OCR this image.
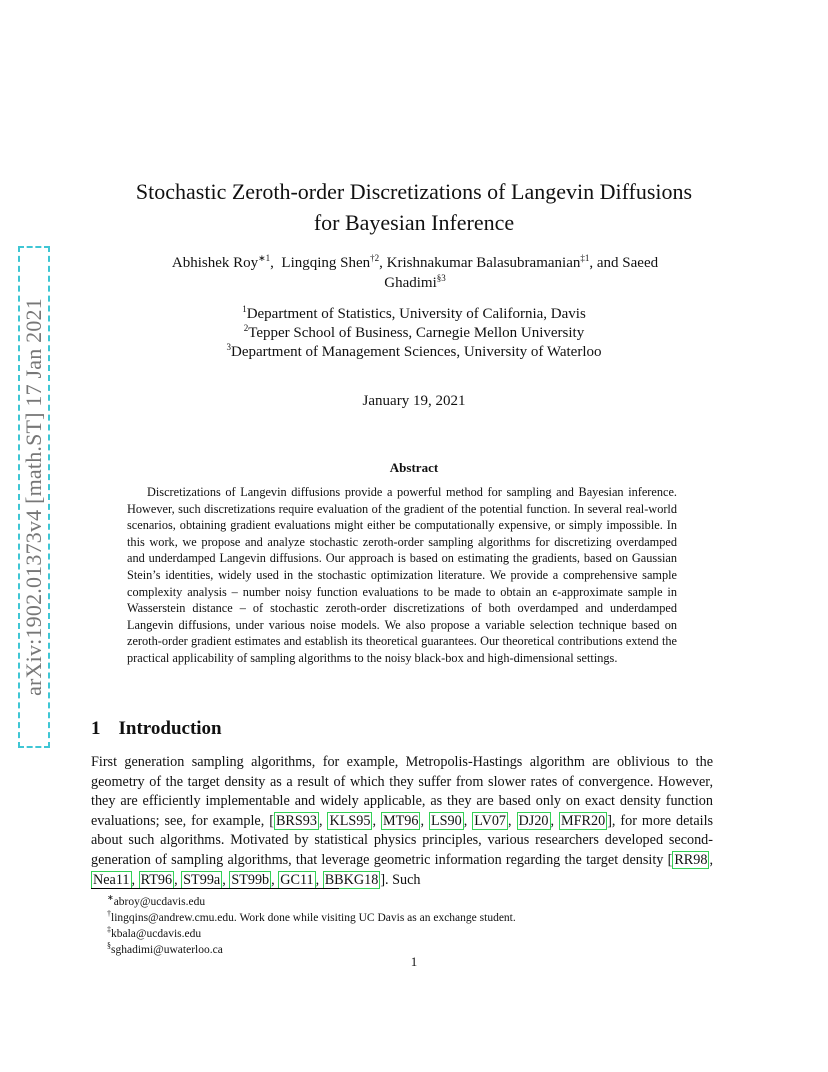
arXiv:1902.01373v4 [math.ST] 17 Jan 2021
Stochastic Zeroth-order Discretizations of Langevin Diffusions
for Bayesian Inference
Abhishek Roy$^{∗1}$,  Lingqing Shen$^{\dagger 2}$, Krishnakumar Balasubramanian$^{\ddagger 1}$, and Saeed
Ghadimi$^{\S 3}$
$^1$Department of Statistics, University of California, Davis
$^2$Tepper School of Business, Carnegie Mellon University
$^3$Department of Management Sciences, University of Waterloo
January 19, 2021
Abstract
Discretizations of Langevin diffusions provide a powerful method for sampling and Bayesian inference. However, such discretizations require evaluation of the gradient of the potential function. In several real-world scenarios, obtaining gradient evaluations might either be computationally expensive, or simply impossible. In this work, we propose and analyze stochastic zeroth-order sampling algorithms for discretizing overdamped and underdamped Langevin diffusions. Our approach is based on estimating the gradients, based on Gaussian Stein’s identities, widely used in the stochastic optimization literature. We provide a comprehensive sample complexity analysis – number noisy function evaluations to be made to obtain an ϵ-approximate sample in Wasserstein distance – of stochastic zeroth-order discretizations of both overdamped and underdamped Langevin diffusions, under various noise models. We also propose a variable selection technique based on zeroth-order gradient estimates and establish its theoretical guarantees. Our theoretical contributions extend the practical applicability of sampling algorithms to the noisy black-box and high-dimensional settings.
1 Introduction
First generation sampling algorithms, for example, Metropolis-Hastings algorithm are oblivious to the geometry of the target density as a result of which they suffer from slower rates of convergence. However, they are efficiently implementable and widely applicable, as they are based only on exact density function evaluations; see, for example, [ BRS93 , KLS95 , MT96 , LS90 , LV07 , DJ20 , MFR20 ], for more details about such algorithms. Motivated by statistical physics principles, various researchers developed second-generation of sampling algorithms, that leverage geometric information regarding the target density [ RR98 , Nea11 , RT96 , ST99a , ST99b , GC11 , BBKG18 ]. Such
∗abroy@ucdavis.edu
†lingqins@andrew.cmu.edu. Work done while visiting UC Davis as an exchange student.
‡kbala@ucdavis.edu
§sghadimi@uwaterloo.ca
1
